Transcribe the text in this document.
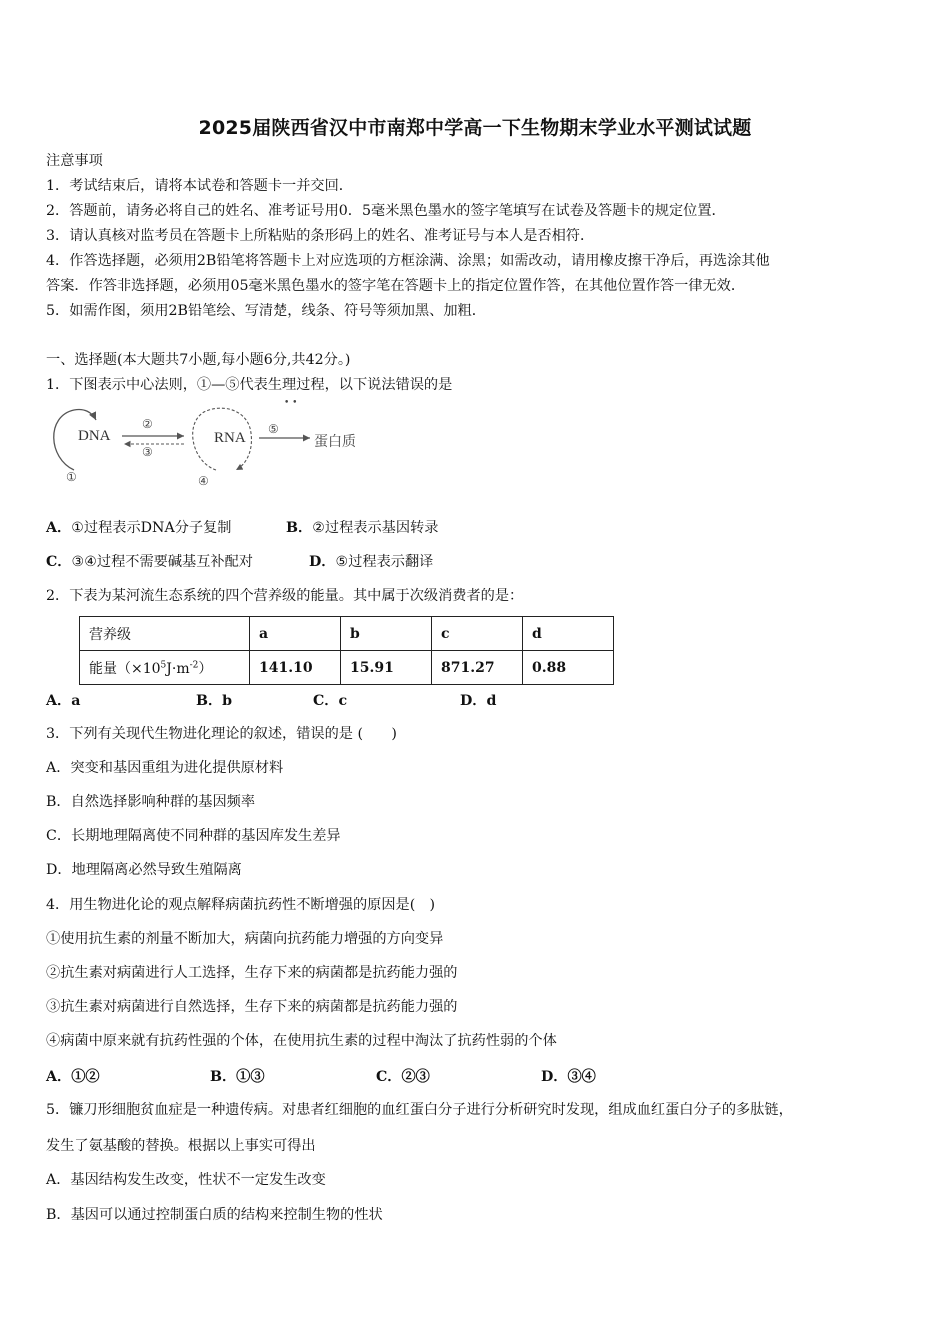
2025届陕西省汉中市南郑中学高一下生物期末学业水平测试试题
注意事项
1．考试结束后，请将本试卷和答题卡一并交回．
2．答题前，请务必将自己的姓名、准考证号用0．5毫米黑色墨水的签字笔填写在试卷及答题卡的规定位置．
3．请认真核对监考员在答题卡上所粘贴的条形码上的姓名、准考证号与本人是否相符．
4．作答选择题，必须用2B铅笔将答题卡上对应选项的方框涂满、涂黑；如需改动，请用橡皮擦干净后，再选涂其他
答案．作答非选择题，必须用05毫米黑色墨水的签字笔在答题卡上的指定位置作答，在其他位置作答一律无效．
5．如需作图，须用2B铅笔绘、写清楚，线条、符号等须加黑、加粗．
一、选择题(本大题共7小题,每小题6分,共42分。)
1．下图表示中心法则，①—⑤代表生理过程，以下说法错误的是
DNA	RNA	蛋白质
①
②
③
④
⑤
• •
A．①过程表示DNA分子复制	B．②过程表示基因转录
C．③④过程不需要碱基互补配对	D．⑤过程表示翻译
2．下表为某河流生态系统的四个营养级的能量。其中属于次级消费者的是：
营养级	a	b	c	d
能量$(\times 10^5J\cdot m^{-2})$	141.10	15.91	871.27	0.88
A．a	B．b	C．c	D．d
3．下列有关现代生物进化理论的叙述，错误的是 (　　)
A．突变和基因重组为进化提供原材料
B．自然选择影响种群的基因频率
C．长期地理隔离使不同种群的基因库发生差异
D．地理隔离必然导致生殖隔离
4．用生物进化论的观点解释病菌抗药性不断增强的原因是(　)
①使用抗生素的剂量不断加大，病菌向抗药能力增强的方向变异
②抗生素对病菌进行人工选择，生存下来的病菌都是抗药能力强的
③抗生素对病菌进行自然选择，生存下来的病菌都是抗药能力强的
④病菌中原来就有抗药性强的个体，在使用抗生素的过程中淘汰了抗药性弱的个体
A．①②	B．①③	C．②③	D．③④
5．镰刀形细胞贫血症是一种遗传病。对患者红细胞的血红蛋白分子进行分析研究时发现，组成血红蛋白分子的多肽链，
发生了氨基酸的替换。根据以上事实可得出
A．基因结构发生改变，性状不一定发生改变
B．基因可以通过控制蛋白质的结构来控制生物的性状
